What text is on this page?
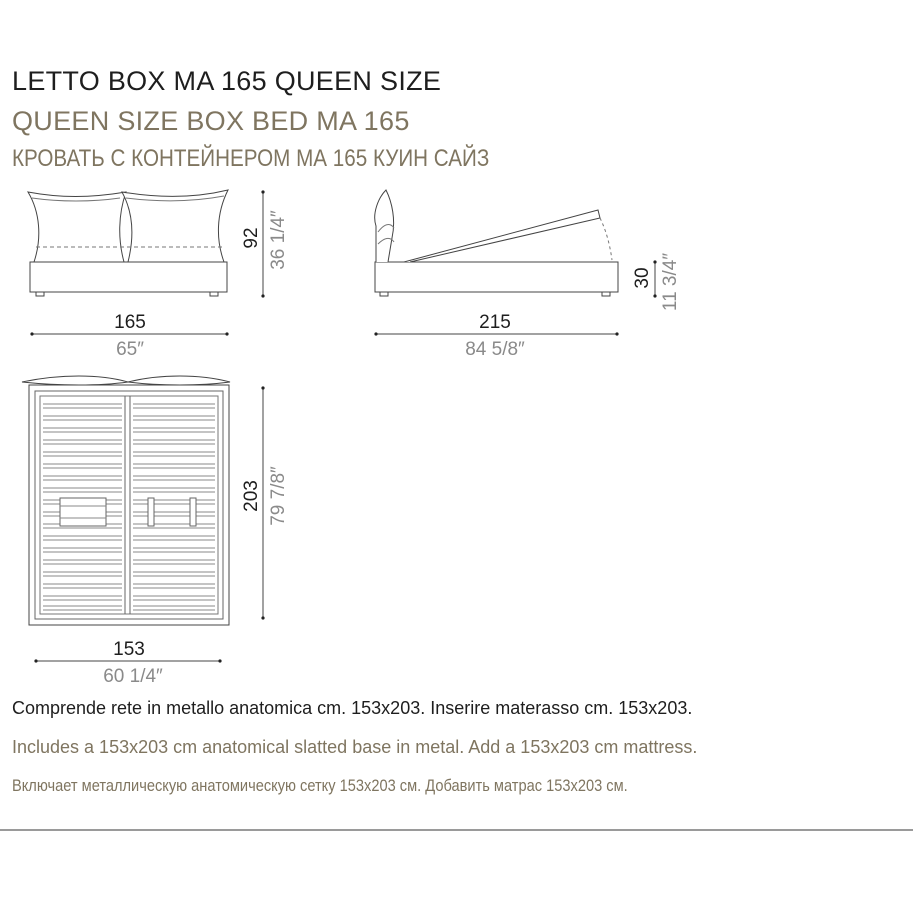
LETTO BOX MA 165 QUEEN SIZE
QUEEN SIZE BOX BED MA 165
КРОВАТЬ С КОНТЕЙНЕРОМ МА 165 КУИН САЙЗ
165
65″
92 36 1/4″
215
84 5/8″
30 11 3/4″
203 79 7/8″
153
60 1/4″
Comprende rete in metallo anatomica cm. 153x203. Inserire materasso cm. 153x203.
Includes a 153x203 cm anatomical slatted base in metal. Add a 153x203 cm mattress.
Включает металлическую анатомическую сетку 153x203 см. Добавить матрас 153x203 см.
